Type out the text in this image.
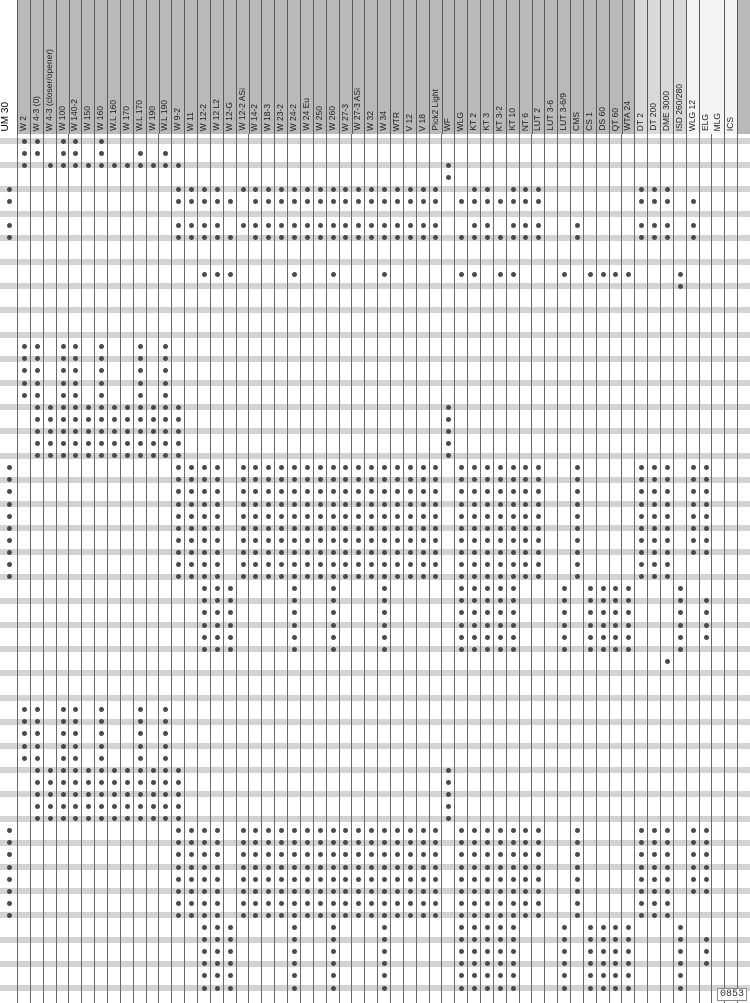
UM 30 W 2 W 4-3 (0) W 4-3 (closer/opener) W 100 W 140-2 W 150 W 160 W.L 160 W 170 W.L 170 W 190 W.L 190 W 9-2 W 11 W 12-2 W 12 L2 W 12-G W 12-2 ASi W 14-2 W 18-3 W 23-2 W 24-2 W 24 Eu W 250 W 260 W 27-3 W 27-3 ASi W 32 W 34 WTR V 12 V 18 Pick2 Light WF WLG KT 2 KT 3 KT 3-2 KT 10 NT 6 LUT 2 LUT 3-6 LUT 3-6/9 CMS CS 1 DS 60 QT 60 WTA 24 DT 2 DT 200 DME 3000 ISD 260/280 WLG 12 ELG MLG ICS
0853
